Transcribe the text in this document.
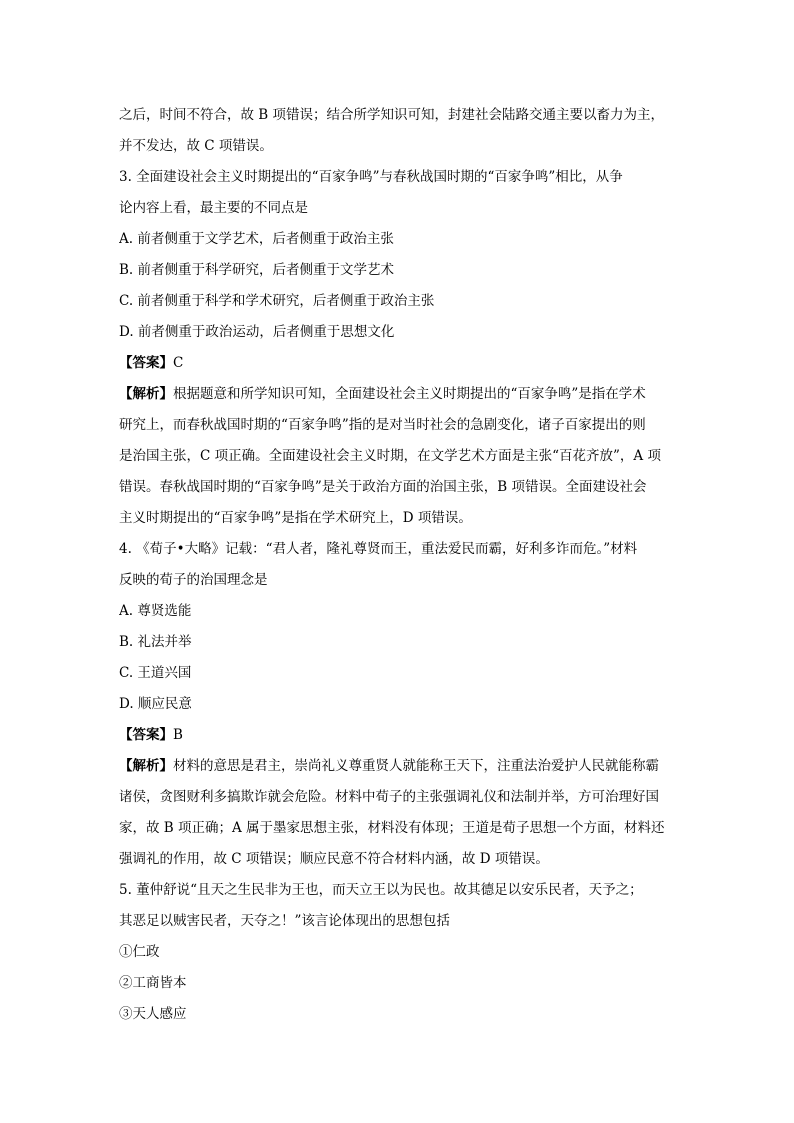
之后，时间不符合，故 B 项错误；结合所学知识可知，封建社会陆路交通主要以畜力为主，
并不发达，故 C 项错误。
3. 全面建设社会主义时期提出的“百家争鸣”与春秋战国时期的“百家争鸣”相比，从争
论内容上看，最主要的不同点是
A. 前者侧重于文学艺术，后者侧重于政治主张
B. 前者侧重于科学研究，后者侧重于文学艺术
C. 前者侧重于科学和学术研究，后者侧重于政治主张
D. 前者侧重于政治运动，后者侧重于思想文化
【答案】C
【解析】根据题意和所学知识可知，全面建设社会主义时期提出的“百家争鸣”是指在学术
研究上，而春秋战国时期的“百家争鸣”指的是对当时社会的急剧变化，诸子百家提出的则
是治国主张，C 项正确。全面建设社会主义时期，在文学艺术方面是主张“百花齐放”，A 项
错误。春秋战国时期的“百家争鸣”是关于政治方面的治国主张，B 项错误。全面建设社会
主义时期提出的“百家争鸣”是指在学术研究上，D 项错误。
4. 《荀子•大略》记载：“君人者，隆礼尊贤而王，重法爱民而霸，好利多诈而危。”材料
反映的荀子的治国理念是
A. 尊贤选能
B. 礼法并举
C. 王道兴国
D. 顺应民意
【答案】B
【解析】材料的意思是君主，崇尚礼义尊重贤人就能称王天下，注重法治爱护人民就能称霸
诸侯，贪图财利多搞欺诈就会危险。材料中荀子的主张强调礼仪和法制并举，方可治理好国
家，故 B 项正确；A 属于墨家思想主张，材料没有体现；王道是荀子思想一个方面，材料还
强调礼的作用，故 C 项错误；顺应民意不符合材料内涵，故 D 项错误。
5. 董仲舒说“且天之生民非为王也，而天立王以为民也。故其德足以安乐民者，天予之；
其恶足以贼害民者，天夺之！”该言论体现出的思想包括
①仁政
②工商皆本
③天人感应
